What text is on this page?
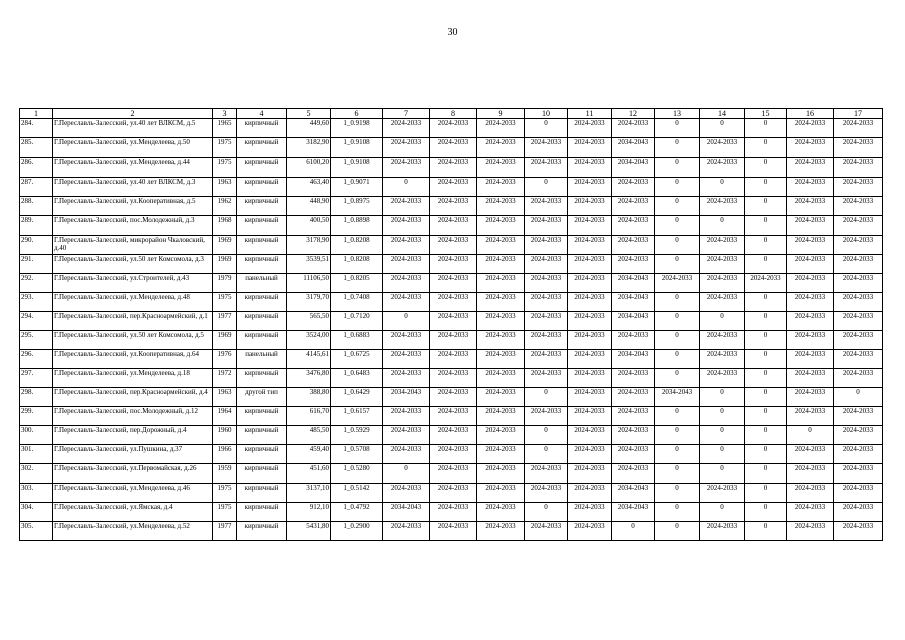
30
1	2	3	4	5	6	7	8	9	10	11	12	13	14	15	16	17
284.	Г.Переславль-Залесский, ул.40 лет ВЛКСМ, д.5	1965	кирпичный	449,60	1_0.9198	2024-2033	2024-2033	2024-2033	0	2024-2033	2024-2033	0	0	0	2024-2033	2024-2033
285.	Г.Переславль-Залесский, ул.Менделеева, д.50	1975	кирпичный	3182,90	1_0.9108	2024-2033	2024-2033	2024-2033	2024-2033	2024-2033	2034-2043	0	2024-2033	0	2024-2033	2024-2033
286.	Г.Переславль-Залесский, ул.Менделеева, д.44	1975	кирпичный	6100,20	1_0.9108	2024-2033	2024-2033	2024-2033	2024-2033	2024-2033	2034-2043	0	2024-2033	0	2024-2033	2024-2033
287.	Г.Переславль-Залесский, ул.40 лет ВЛКСМ, д.3	1963	кирпичный	463,40	1_0.9071	0	2024-2033	2024-2033	0	2024-2033	2024-2033	0	0	0	2024-2033	2024-2033
288.	Г.Переславль-Залесский, ул.Кооперативная, д.5	1962	кирпичный	448,90	1_0.8975	2024-2033	2024-2033	2024-2033	2024-2033	2024-2033	2024-2033	0	2024-2033	0	2024-2033	2024-2033
289.	Г.Переславль-Залесский, пос.Молодежный, д.3	1968	кирпичный	400,50	1_0.8898	2024-2033	2024-2033	2024-2033	2024-2033	2024-2033	2024-2033	0	0	0	2024-2033	2024-2033
290.	Г.Переславль-Залесский, микрорайон Чкаловский, д.40	1969	кирпичный	3178,90	1_0.8208	2024-2033	2024-2033	2024-2033	2024-2033	2024-2033	2024-2033	0	2024-2033	0	2024-2033	2024-2033
291.	Г.Переславль-Залесский, ул.50 лет Комсомола, д.3	1969	кирпичный	3539,51	1_0.8208	2024-2033	2024-2033	2024-2033	2024-2033	2024-2033	2024-2033	0	2024-2033	0	2024-2033	2024-2033
292.	Г.Переславль-Залесский, ул.Строителей, д.43	1979	панельный	11106,50	1_0.8205	2024-2033	2024-2033	2024-2033	2024-2033	2024-2033	2034-2043	2024-2033	2024-2033	2024-2033	2024-2033	2024-2033
293.	Г.Переславль-Залесский, ул.Менделеева, д.48	1975	кирпичный	3179,70	1_0.7408	2024-2033	2024-2033	2024-2033	2024-2033	2024-2033	2034-2043	0	2024-2033	0	2024-2033	2024-2033
294.	Г.Переславль-Залесский, пер.Красноармейский, д.1	1977	кирпичный	565,50	1_0.7120	0	2024-2033	2024-2033	2024-2033	2024-2033	2034-2043	0	0	0	2024-2033	2024-2033
295.	Г.Переславль-Залесский, ул.50 лет Комсомола, д.5	1969	кирпичный	3524,00	1_0.6883	2024-2033	2024-2033	2024-2033	2024-2033	2024-2033	2024-2033	0	2024-2033	0	2024-2033	2024-2033
296.	Г.Переславль-Залесский, ул.Кооперативная, д.64	1976	панельный	4145,61	1_0.6725	2024-2033	2024-2033	2024-2033	2024-2033	2024-2033	2034-2043	0	2024-2033	0	2024-2033	2024-2033
297.	Г.Переславль-Залесский, ул.Менделеева, д.18	1972	кирпичный	3476,80	1_0.6483	2024-2033	2024-2033	2024-2033	2024-2033	2024-2033	2024-2033	0	2024-2033	0	2024-2033	2024-2033
298.	Г.Переславль-Залесский, пер.Красноармейский, д.4	1963	другой тип	388,80	1_0.6429	2034-2043	2024-2033	2024-2033	0	2024-2033	2024-2033	2034-2043	0	0	2024-2033	0
299.	Г.Переславль-Залесский, пос.Молодежный, д.12	1964	кирпичный	616,70	1_0.6157	2024-2033	2024-2033	2024-2033	2024-2033	2024-2033	2024-2033	0	0	0	2024-2033	2024-2033
300.	Г.Переславль-Залесский, пер.Дорожный, д.4	1960	кирпичный	485,50	1_0.5929	2024-2033	2024-2033	2024-2033	0	2024-2033	2024-2033	0	0	0	0	2024-2033
301.	Г.Переславль-Залесский, ул.Пушкина, д.37	1966	кирпичный	459,40	1_0.5708	2024-2033	2024-2033	2024-2033	0	2024-2033	2024-2033	0	0	0	2024-2033	2024-2033
302.	Г.Переславль-Залесский, ул.Первомайская, д.26	1959	кирпичный	451,60	1_0.5280	0	2024-2033	2024-2033	2024-2033	2024-2033	2024-2033	0	0	0	2024-2033	2024-2033
303.	Г.Переславль-Залесский, ул.Менделеева, д.46	1975	кирпичный	3137,10	1_0.5142	2024-2033	2024-2033	2024-2033	2024-2033	2024-2033	2034-2043	0	2024-2033	0	2024-2033	2024-2033
304.	Г.Переславль-Залесский, ул.Ямская, д.4	1975	кирпичный	912,10	1_0.4792	2034-2043	2024-2033	2024-2033	0	2024-2033	2034-2043	0	0	0	2024-2033	2024-2033
305.	Г.Переславль-Залесский, ул.Менделеева, д.52	1977	кирпичный	5431,80	1_0.2900	2024-2033	2024-2033	2024-2033	2024-2033	2024-2033	0	0	2024-2033	0	2024-2033	2024-2033
